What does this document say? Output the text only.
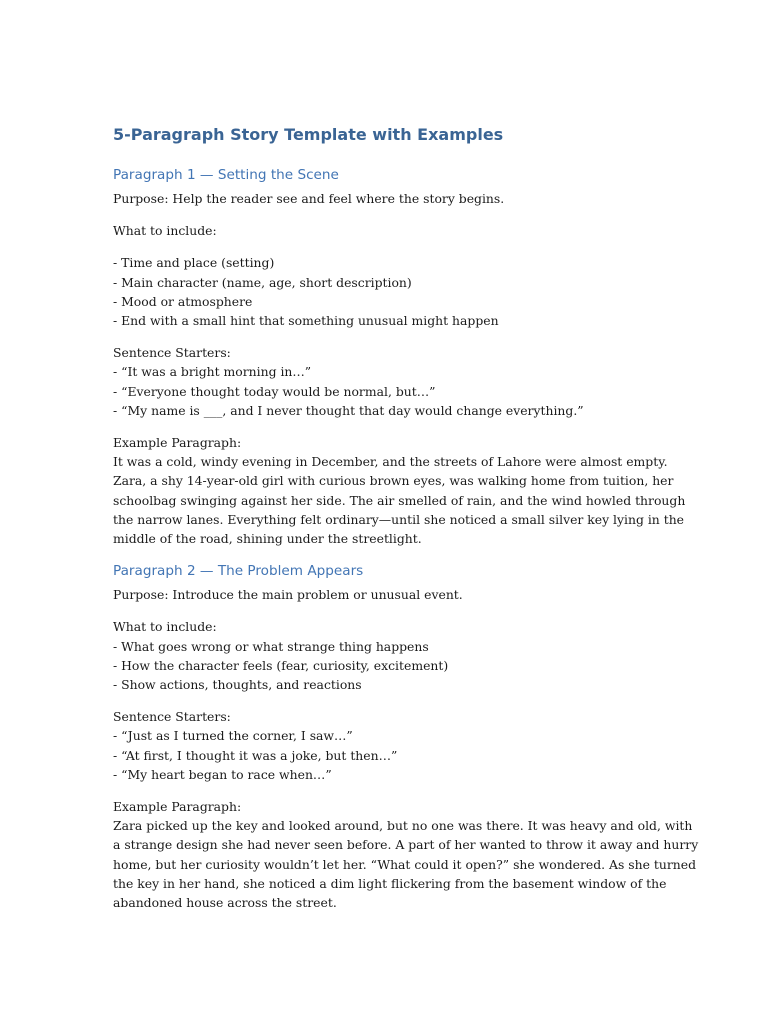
5-Paragraph Story Template with Examples
Paragraph 1 — Setting the Scene

Purpose: Help the reader see and feel where the story begins.

What to include:

- Time and place (setting)

- Main character (name, age, short description)

- Mood or atmosphere

- End with a small hint that something unusual might happen

Sentence Starters:

- “It was a bright morning in…”

- “Everyone thought today would be normal, but…”

- “My name is ___, and I never thought that day would change everything.”

Example Paragraph:

It was a cold, windy evening in December, and the streets of Lahore were almost empty.
Zara, a shy 14-year-old girl with curious brown eyes, was walking home from tuition, her
schoolbag swinging against her side. The air smelled of rain, and the wind howled through
the narrow lanes. Everything felt ordinary—until she noticed a small silver key lying in the
middle of the road, shining under the streetlight.

Paragraph 2 — The Problem Appears

Purpose: Introduce the main problem or unusual event.

What to include:

- What goes wrong or what strange thing happens

- How the character feels (fear, curiosity, excitement)

- Show actions, thoughts, and reactions

Sentence Starters:

- “Just as I turned the corner, I saw…”

- “At first, I thought it was a joke, but then…”

- “My heart began to race when…”

Example Paragraph:

Zara picked up the key and looked around, but no one was there. It was heavy and old, with
a strange design she had never seen before. A part of her wanted to throw it away and hurry
home, but her curiosity wouldn’t let her. “What could it open?” she wondered. As she turned
the key in her hand, she noticed a dim light flickering from the basement window of the
abandoned house across the street.
